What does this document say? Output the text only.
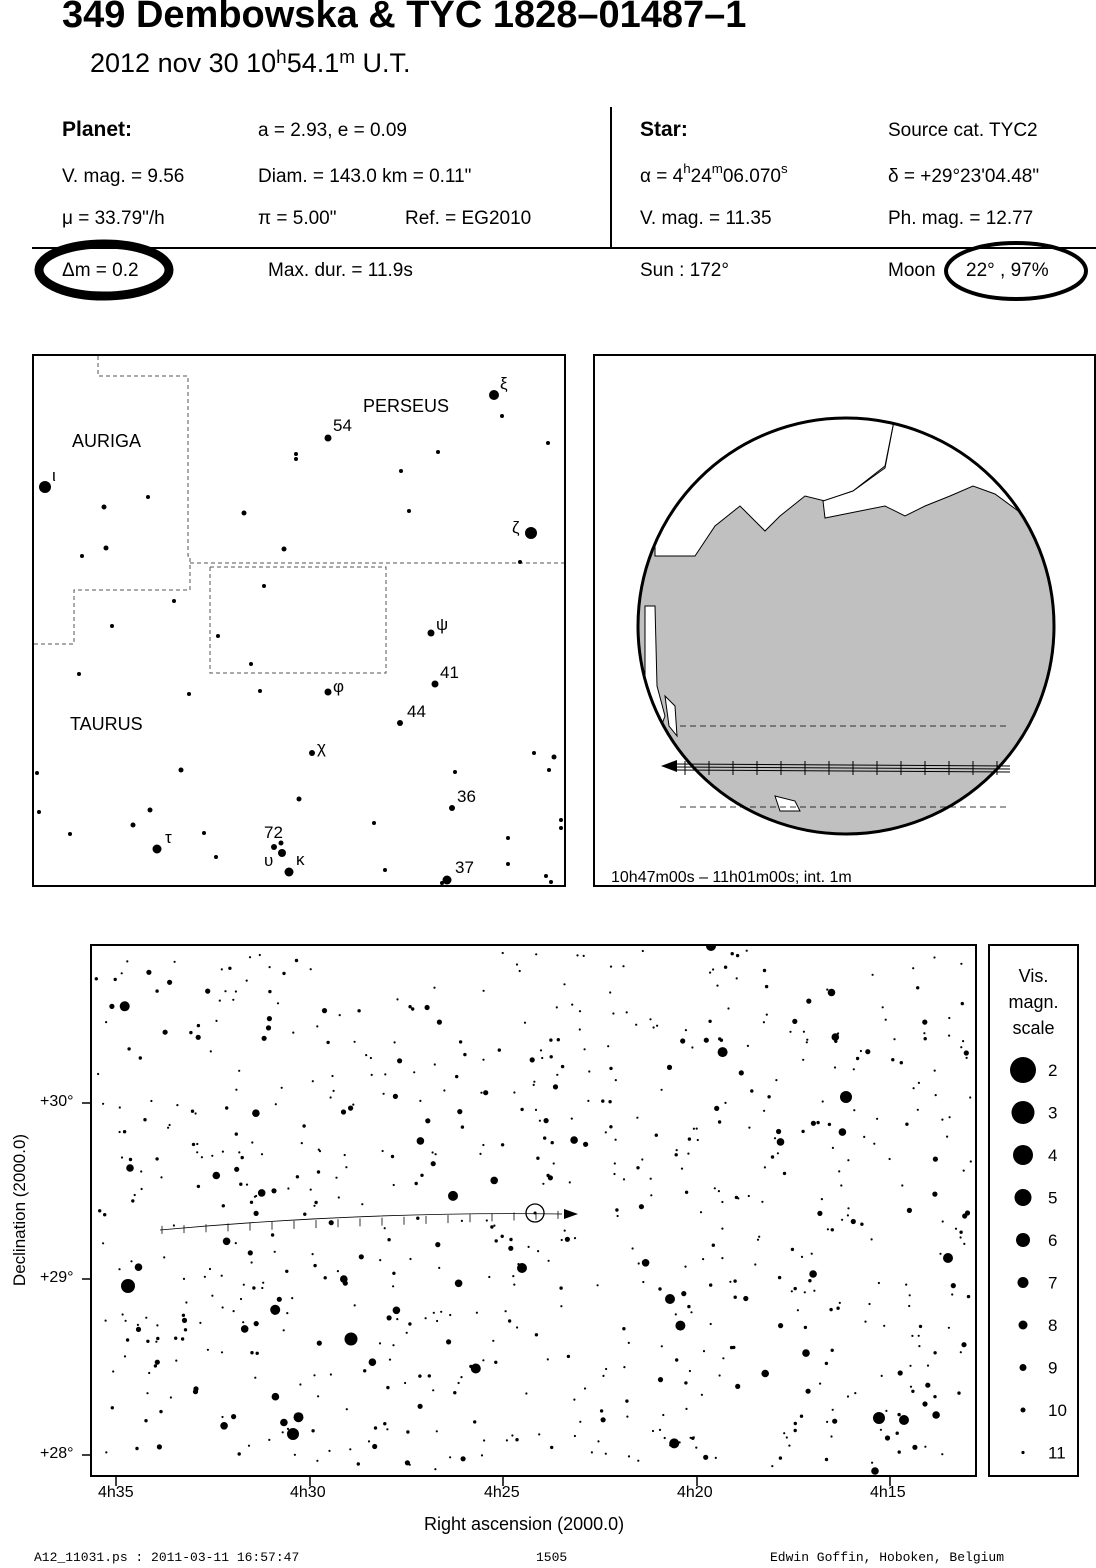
349 Dembowska & TYC 1828–01487–1
2012 nov 30 10$^h$54.1$^m$ U.T.
Planet:	a = 2.93, e = 0.09
V. mag. = 9.56	Diam. = 143.0 km = 0.11"
μ = 33.79"/h	π = 5.00"	Ref. = EG2010
Star:	Source cat. TYC2
$\alpha = 4^h24^m06.070^s$	δ = +29°23'04.48"
V. mag. = 11.35	Ph. mag. = 12.77
Δm = 0.2	Max. dur. = 11.9s	Sun : 172°	Moon 22° , 97%
AURIGA
PERSEUS
TAURUS
ξ
54
ι
ζ
ψ
41
φ
44
χ
36
72
τ
υ κ	37
10h47m00s – 11h01m00s; int. 1m
+30°
+29°
+28°
4h35	4h30	4h25	4h20	4h15
Right ascension (2000.0)
Declination (2000.0)
Vis.
magn.
scale
2
3
4
5
6
7
8
9
10
11
A12_11031.ps : 2011-03-11 16:57:47	1505	Edwin Goffin, Hoboken, Belgium
